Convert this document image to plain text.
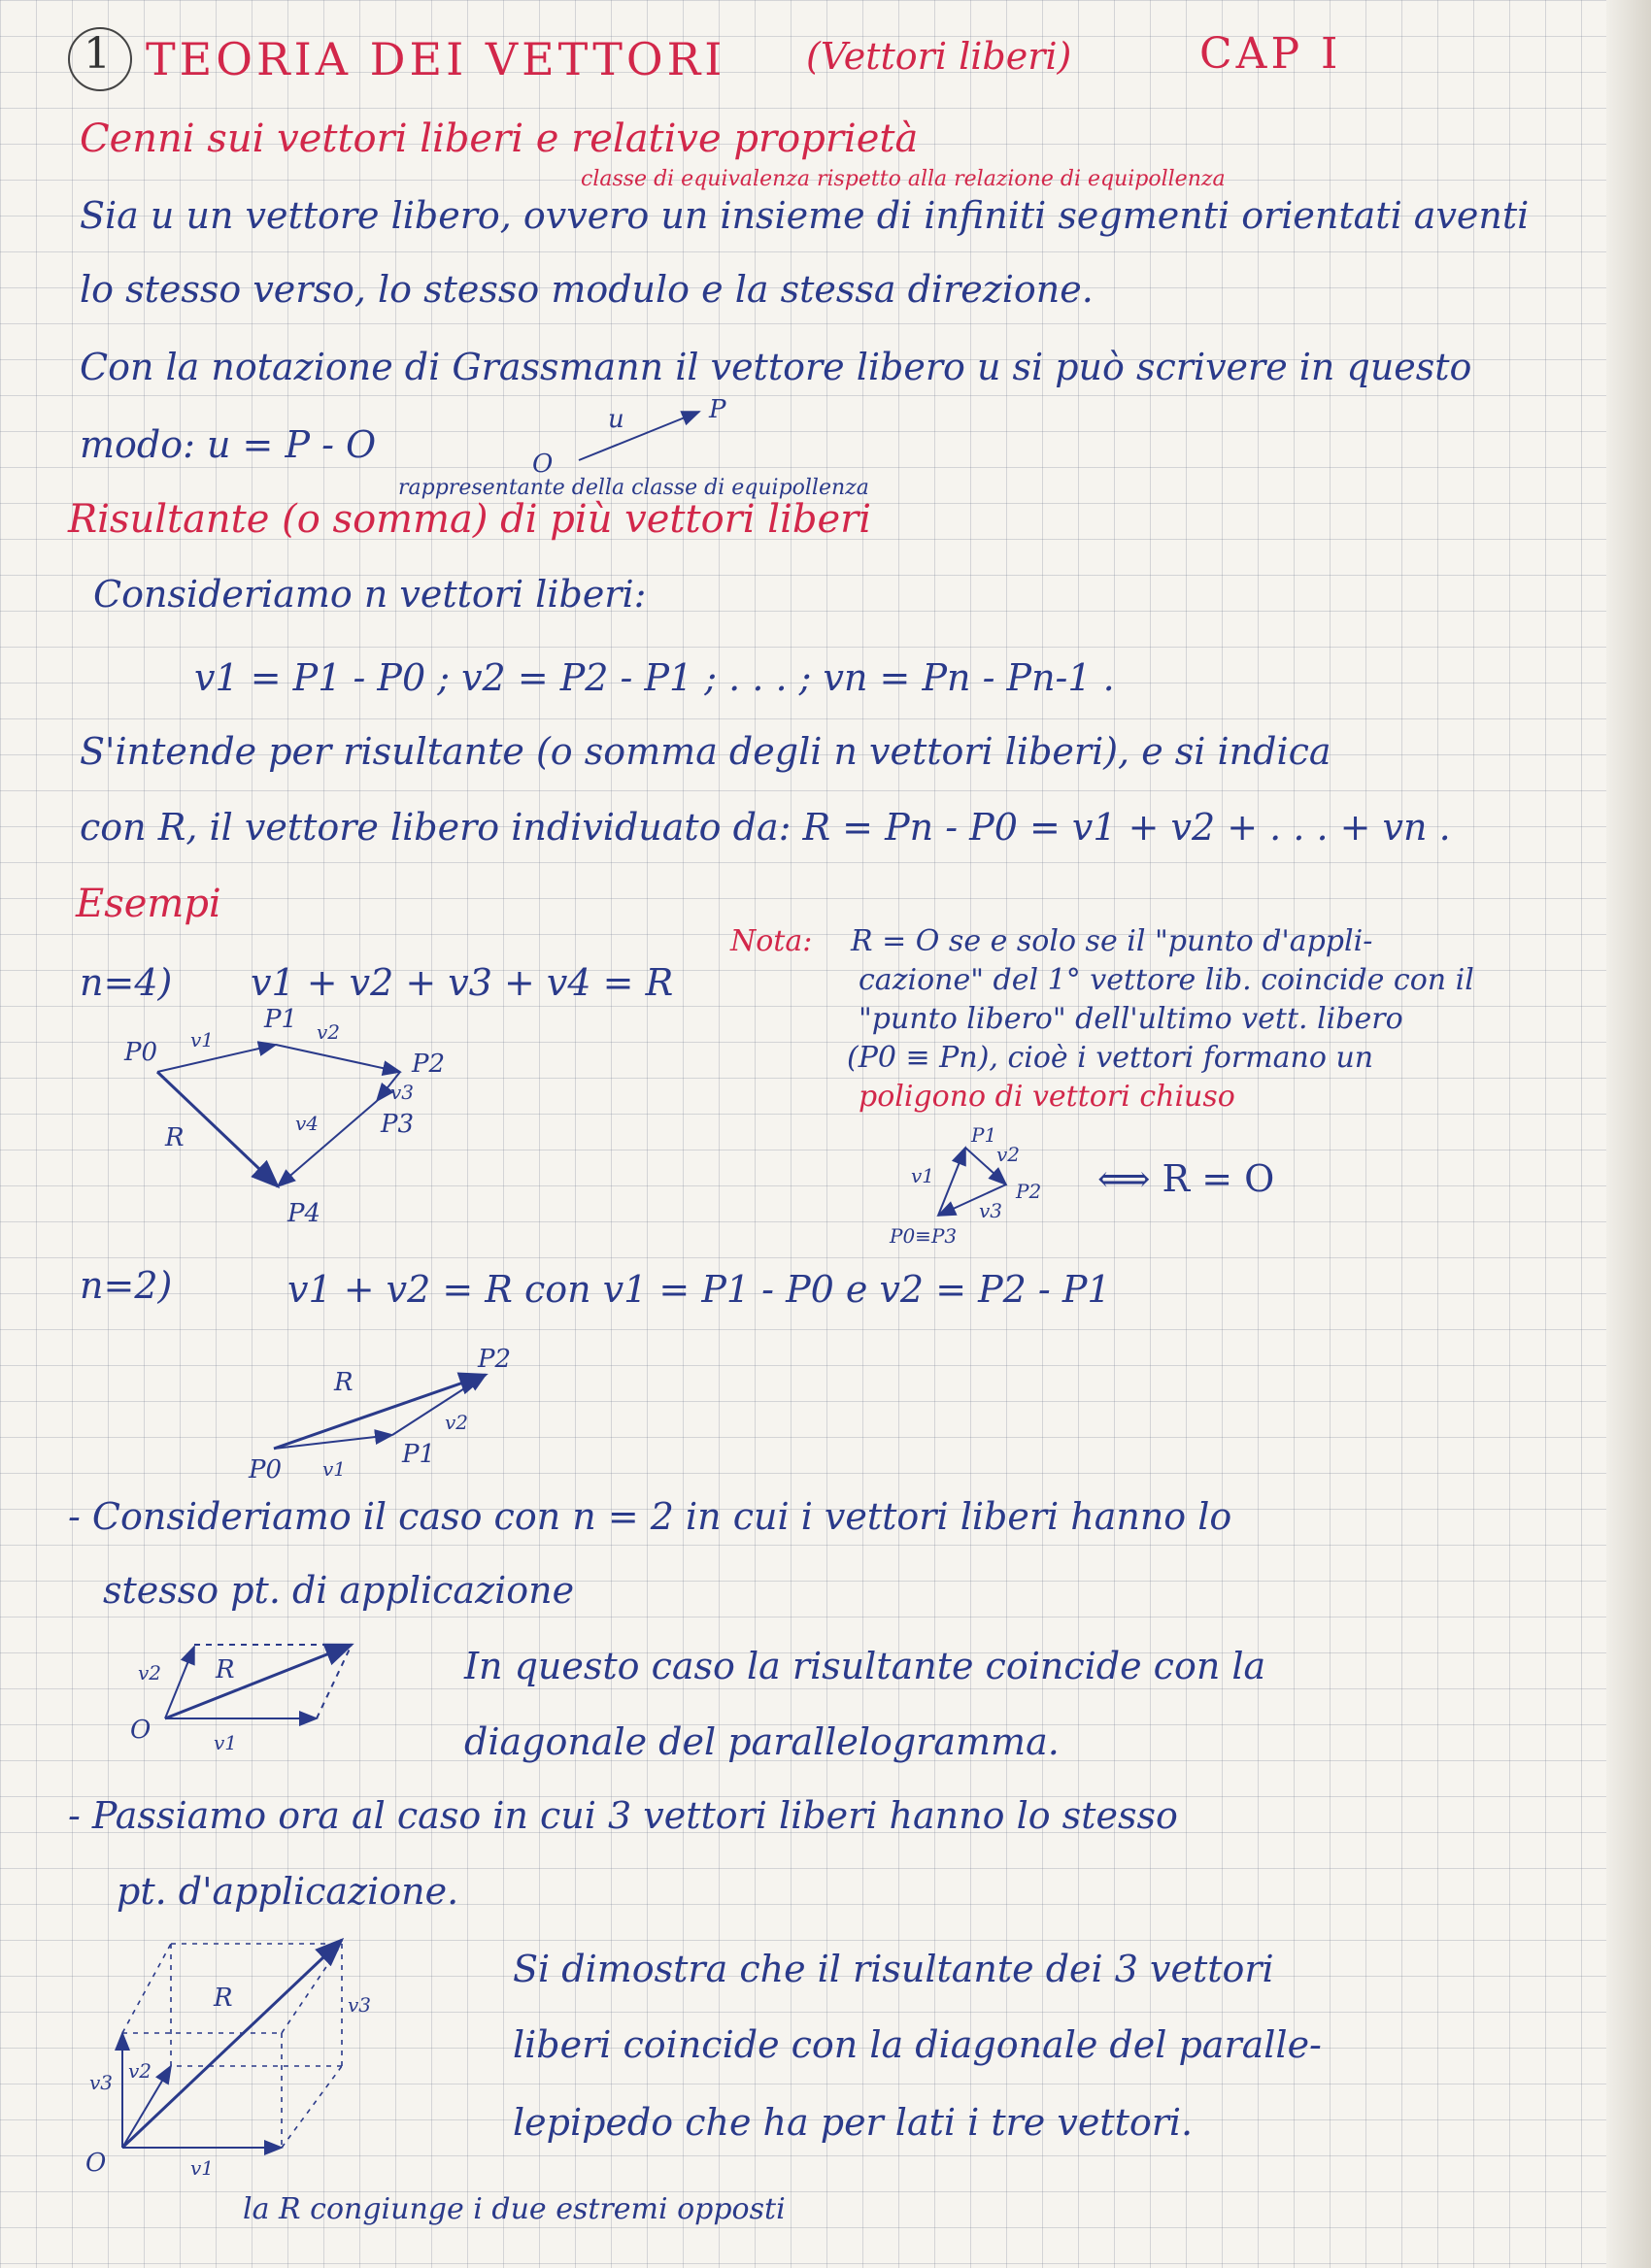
1 TEORIA DEI VETTORI (Vettori liberi)	CAP I
Cenni sui vettori liberi e relative proprietà
classe di equivalenza rispetto alla relazione di equipollenza
Sia u un vettore libero, ovvero un insieme di infiniti segmenti orientati aventi
lo stesso verso, lo stesso modulo e la stessa direzione.
Con la notazione di Grassmann il vettore libero u si può scrivere in questo
modo: u = P - O
rappresentante della classe di equipollenza
Risultante (o somma) di più vettori liberi
Consideriamo n vettori liberi:
v1 = P1 - P0 ; v2 = P2 - P1 ; . . . ; vn = Pn - Pn-1 .
S'intende per risultante (o somma degli n vettori liberi), e si indica
con R, il vettore libero individuato da: R = Pn - P0 = v1 + v2 + . . . + vn .
Esempi
n=4) v1 + v2 + v3 + v4 = R
Nota: R = O se e solo se il "punto d'appli-
cazione" del 1° vettore lib. coincide con il
"punto libero" dell'ultimo vett. libero
(P0 ≡ Pn), cioè i vettori formano un
poligono di vettori chiuso
⟺ R = O
n=2)	v1 + v2 = R con v1 = P1 - P0 e v2 = P2 - P1
- Consideriamo il caso con n = 2 in cui i vettori liberi hanno lo
stesso pt. di applicazione
In questo caso la risultante coincide con la
diagonale del parallelogramma.
- Passiamo ora al caso in cui 3 vettori liberi hanno lo stesso
pt. d'applicazione.
Si dimostra che il risultante dei 3 vettori
liberi coincide con la diagonale del paralle-
lepipedo che ha per lati i tre vettori.
la R congiunge i due estremi opposti
O
P
u
P0
P1
P2
P3
P4
v1	v2
v3
v4
R
P0≡P3
P1
P2
v1
v2
v3
P0
P1
P2
v1
v2
R
O
v2
v1
R
O	v1
v2
v3
v3
R
